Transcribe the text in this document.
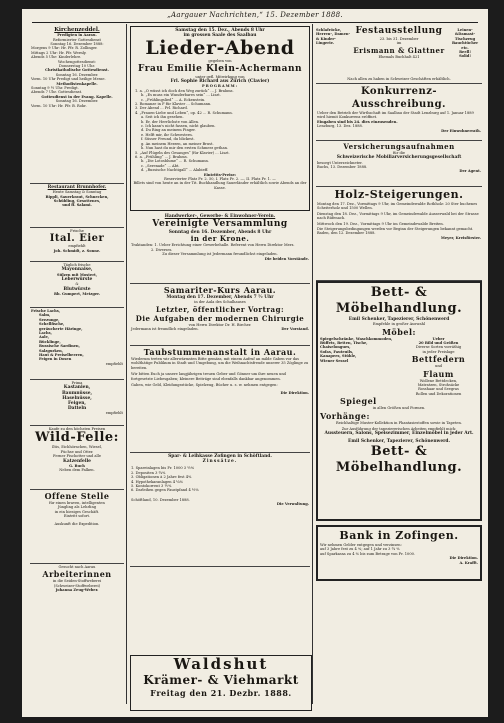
„Aargauer Nachrichten,“ 15. Dezember 1888.
Kirchenzeddel.
Predigten in Aarau.
Reformierter Gottesdienst
Sonntag 16. Dezember 1888:
Morgens 9 Uhr: Hr. Pfr. R. Zollinger.
Mittags 2 Uhr: Hr. Pfr. Wernly.
Abends 5 Uhr: Kinderlehre.
Wochengottesdienst:
Donnerstag 10 Uhr.
Christkatholische Gottesdienst.
Sonntag 16. Dezember.
Vorm. 10 Uhr Predigt und heilige Messe.
Methodistenkapelle.
Sonntag 9 ½ Uhr. Predigt.
Abends 7 Uhr. Gottesdienst.
Gottesdienst in der Evang. Kapelle.
Sonntag 16. Dezember.
Vorm. 10 Uhr: Hr. Pfr. B. Rohr.
Restaurant Brunnhofer.
Heute Samstag & Sonntag
Rippli, Sauerkraut, Schnecken,
Schübling, Gesottenes,
und ff. Salami.
Frische
Ital. Eier
empfiehlt
Joh. Schmidt, z. Sonne.
Täglich frische
Mayonnaise,
Sülzen mit Mostert,
Leberwürste
&
Blutwürste
Rb. Gumpert, Metzger.
Frische Lachs,
Salm,
Seezunge,
Schellfische,
geräucherte Häringe,
Lachs,
Aale,
Bücklinge,
Russische Sardinen,
Salzgurken,
Haut & Preiselbeeren,
Feigen in Dosen
empfiehlt
Prima
Kastanien,
Baumnüsse,
Haselnüsse,
Feigen,
Datteln
empfiehlt
Kaufe zu den höchsten Preisen
Wild-Felle:
Iltis, Eichhörnchen, Wiesel,
Füchse und Otter.
Ferner Fischotter und alle
Katzenfelle
G. Ruch
Neben dem Falken.
Offene Stelle
für einen braven, intelligenten
Jüngling als Lehrling
in ein hiesiges Geschäft.
Eintritt sofort.
Auskunft die Expedition.
Gesucht nach Aarau
Arbeiterinnen
in die Seiden-Stoffweberei
(Schweizer-Stoffweberei)
Johanna Zeug-Weber.
Samstag den 15. Dez., Abends 8 Uhr
im grossen Saale des Saalbau
Lieder-Abend
gegeben von
Frau Emilie Klein-Achermann
unter gefl. Mitwirkung von
Frl. Sophie Richard aus Zürich (Clavier)
PROGRAMM:
1. a. „O wüsst ich doch den Weg zurück“ ... J. Brahms.
b. „Es muss ein Wunderbares sein“ ... Liszt.
c. „Frühlingslied“ ... A. Eckenstein.
2. Romanze in F für Klavier ... Schumann.
3. Der Abend ... Frl. Richard.
4. „Frauen-Liebe und Leben“, op. 42 ... R. Schumann.
a. Seit ich ihn gesehen.
b. Er, der Herrlichste von Allen.
c. Ich kann's nicht fassen, nicht glauben.
d. Du Ring an meinem Finger.
e. Helft mir, ihr Schwestern.
f. Süsser Freund, du blickest.
g. An meinem Herzen, an meiner Brust.
h. Nun hast du mir den ersten Schmerz gethan.
5. „Auf Flügeln des Gesanges“ (für Klavier) ... Liszt.
6. a. „Frühling“ ... J. Brahms.
b. „Die Lotosblume“ ... R. Schumann.
c. „Serenade“ ... Abt.
d. „Russische Nachtigall“ ... Alabieff.
Eintritts-Preise:
Reservierter Platz Fr. 2. 50, I. Platz Fr. 2. —, II. Platz Fr. 1. —
Billets sind von heute an in der Tit. Buchhandlung Sauerländer erhältlich sowie Abends an der Kasse.
Handwerker-, Gewerbe- & Einwohner-Verein.
Vereinigte Versammlung
Sonntag den 16. Dezember, Abends 8 Uhr
in der Krone.
Traktanden: 1. Ueber Errichtung einer Gewerbehalle. Referent von Herrn Direktor Merz.
2. Diverses.
Zu dieser Versammlung ist Jedermann freundlichst eingeladen.
Die beiden Vorstände.
Samariter-Kurs Aarau.
Montag den 17. Dezember, Abends 7 ½ Uhr
in der Aula des Schulhauses
Letzter, öffentlicher Vortrag:
Die Aufgaben der modernen Chirurgie
von Herrn Direktor Dr. H. Bircher.
Jedermann ist freundlich eingeladen.	Der Vorstand.
Taubstummenanstalt in Aarau.
Wiederum treten wir allerwärmsten Bitte gemäss, mit einem Aufruf an milde Gaben vor das wohlthätige Publikum in Stadt und Umgebung, um die Weihnachtsfreude unserer 35 Zöglinge zu bereiten.
Wir bitten Euch ja unsere langjährigen treuen Geber und Gönner um ihre neuen und fortgesetzte Liebesgaben; kleinere Beiträge sind ebenfalls dankbar angenommen.
Gaben, wie Geld, Kleidungsstücke, Spielzeug, Bücher u. s. w. nehmen entgegen:
Die Direktion.
Spar- & Leihkasse Zofingen in Schöftland.
Zinssätze.
1. Spareinlagen bis Fr. 1000 3 ½%
2. Depositen 3 ¾%
3. Obligationen à 2 Jahre fest 4%
4. Hypothekaranlagen 4 ¼%
5. Kontokorrent 3 ½%
6. Darleihen gegen Faustpfand 4 ½%
Schöftland, 10. Dezember 1888.
Die Verwaltung.
Schlafröcke,
Herren-, Damen-
& Kinder-
Lingerie.
Festausstellung
23. bis 31. Dezember
im
Erismann & Glattner
Ehemals Buchhalt 421
Leinen-&Damast-
Tischzeug
Bauchtücher
etc.
Reell!
Solid!
Nach allen zu haben in Schweizer Geschäften erhältlich.
Konkurrenz-Ausschreibung.
Ueber den Betrieb der Wirthschaft im Saalbau der Stadt Lenzburg auf 1. Januar 1889 wird hiemit Konkurrenz eröffnet.
Eingaben sind bis 24. dies einzusenden.
Lenzburg, 13. Dez. 1888.
Der Einwohnerrath.
Versicherungsaufnahmen
für die
Schweizerische Mobiliarversicherungsgesellschaft
besorgt Unterzeichneter.
Buchs, 13. Dezember 1888.
Der Agent.
Holz-Steigerungen.
Montag den 17. Dez., Vormittags 9 Uhr, im Gemeindewalde Rothholz: 20 Ster buchenes Scheiterholz und 1500 Wellen.
Dienstag den 18. Dez., Vormittags 9 Uhr, im Gemeindewalde Ausserwald bei der Strasse nach Rüfenach.
Mittwoch den 19. Dez., Vormittags 9 Uhr im Gemeindewalde Breiten.
Die Steigerungsbedingungen werden vor Beginn der Steigerungen bekannt gemacht.
Baden, den 12. Dezember 1888.
Meyer, Kreisförster.
Bett- & Möbelhandlung.
Emil Schenker, Tapezierer, Schönenwerd
Empfehle in großer Auswahl
Möbel:
Spiegelschränke, Waschkommoden,
Büffets, Betten, Tische,
Chaiselongues,
Sofas, Fauteuils,
Kanapees, Stühle,
Wiener Sessel
Ueber
20 Bild und Größen
Diverse Sorten vorräthig
in jeder Preislage
Bettfedern
und
Flaum
Wollene Bettdecken,
Matratzen, Strohsäcke
Rosshaar und Seegras
Rollen und Dekorationen
Spiegel
in allen Größen und Formen.
Vorhänge:
Reichhaltige Muster-Kollektion in Phantasiestoffen sowie in Tapeten.
Zur Ausführung der tapeziererischen Arbeiten empfiehlt mich:
Aussteuern, Salons, Speisezimmer, Einzelmöbel in jeder Art.
Emil Schenker, Tapezierer, Schönenwerd.
Bett- & Möbelhandlung.
Bank in Zofingen.
Wir nehmen Gelder entgegen und verzinsen:
auf 3 Jahre fest zu 4 %; auf 1 Jahr zu 3 ¾ %
auf Sparkassa zu 4 % bis zum Betrage von Fr. 1000.
Die Direktion.
A. Krafft.
Waldshut
Krämer- & Viehmarkt
Freitag den 21. Dezbr. 1888.
